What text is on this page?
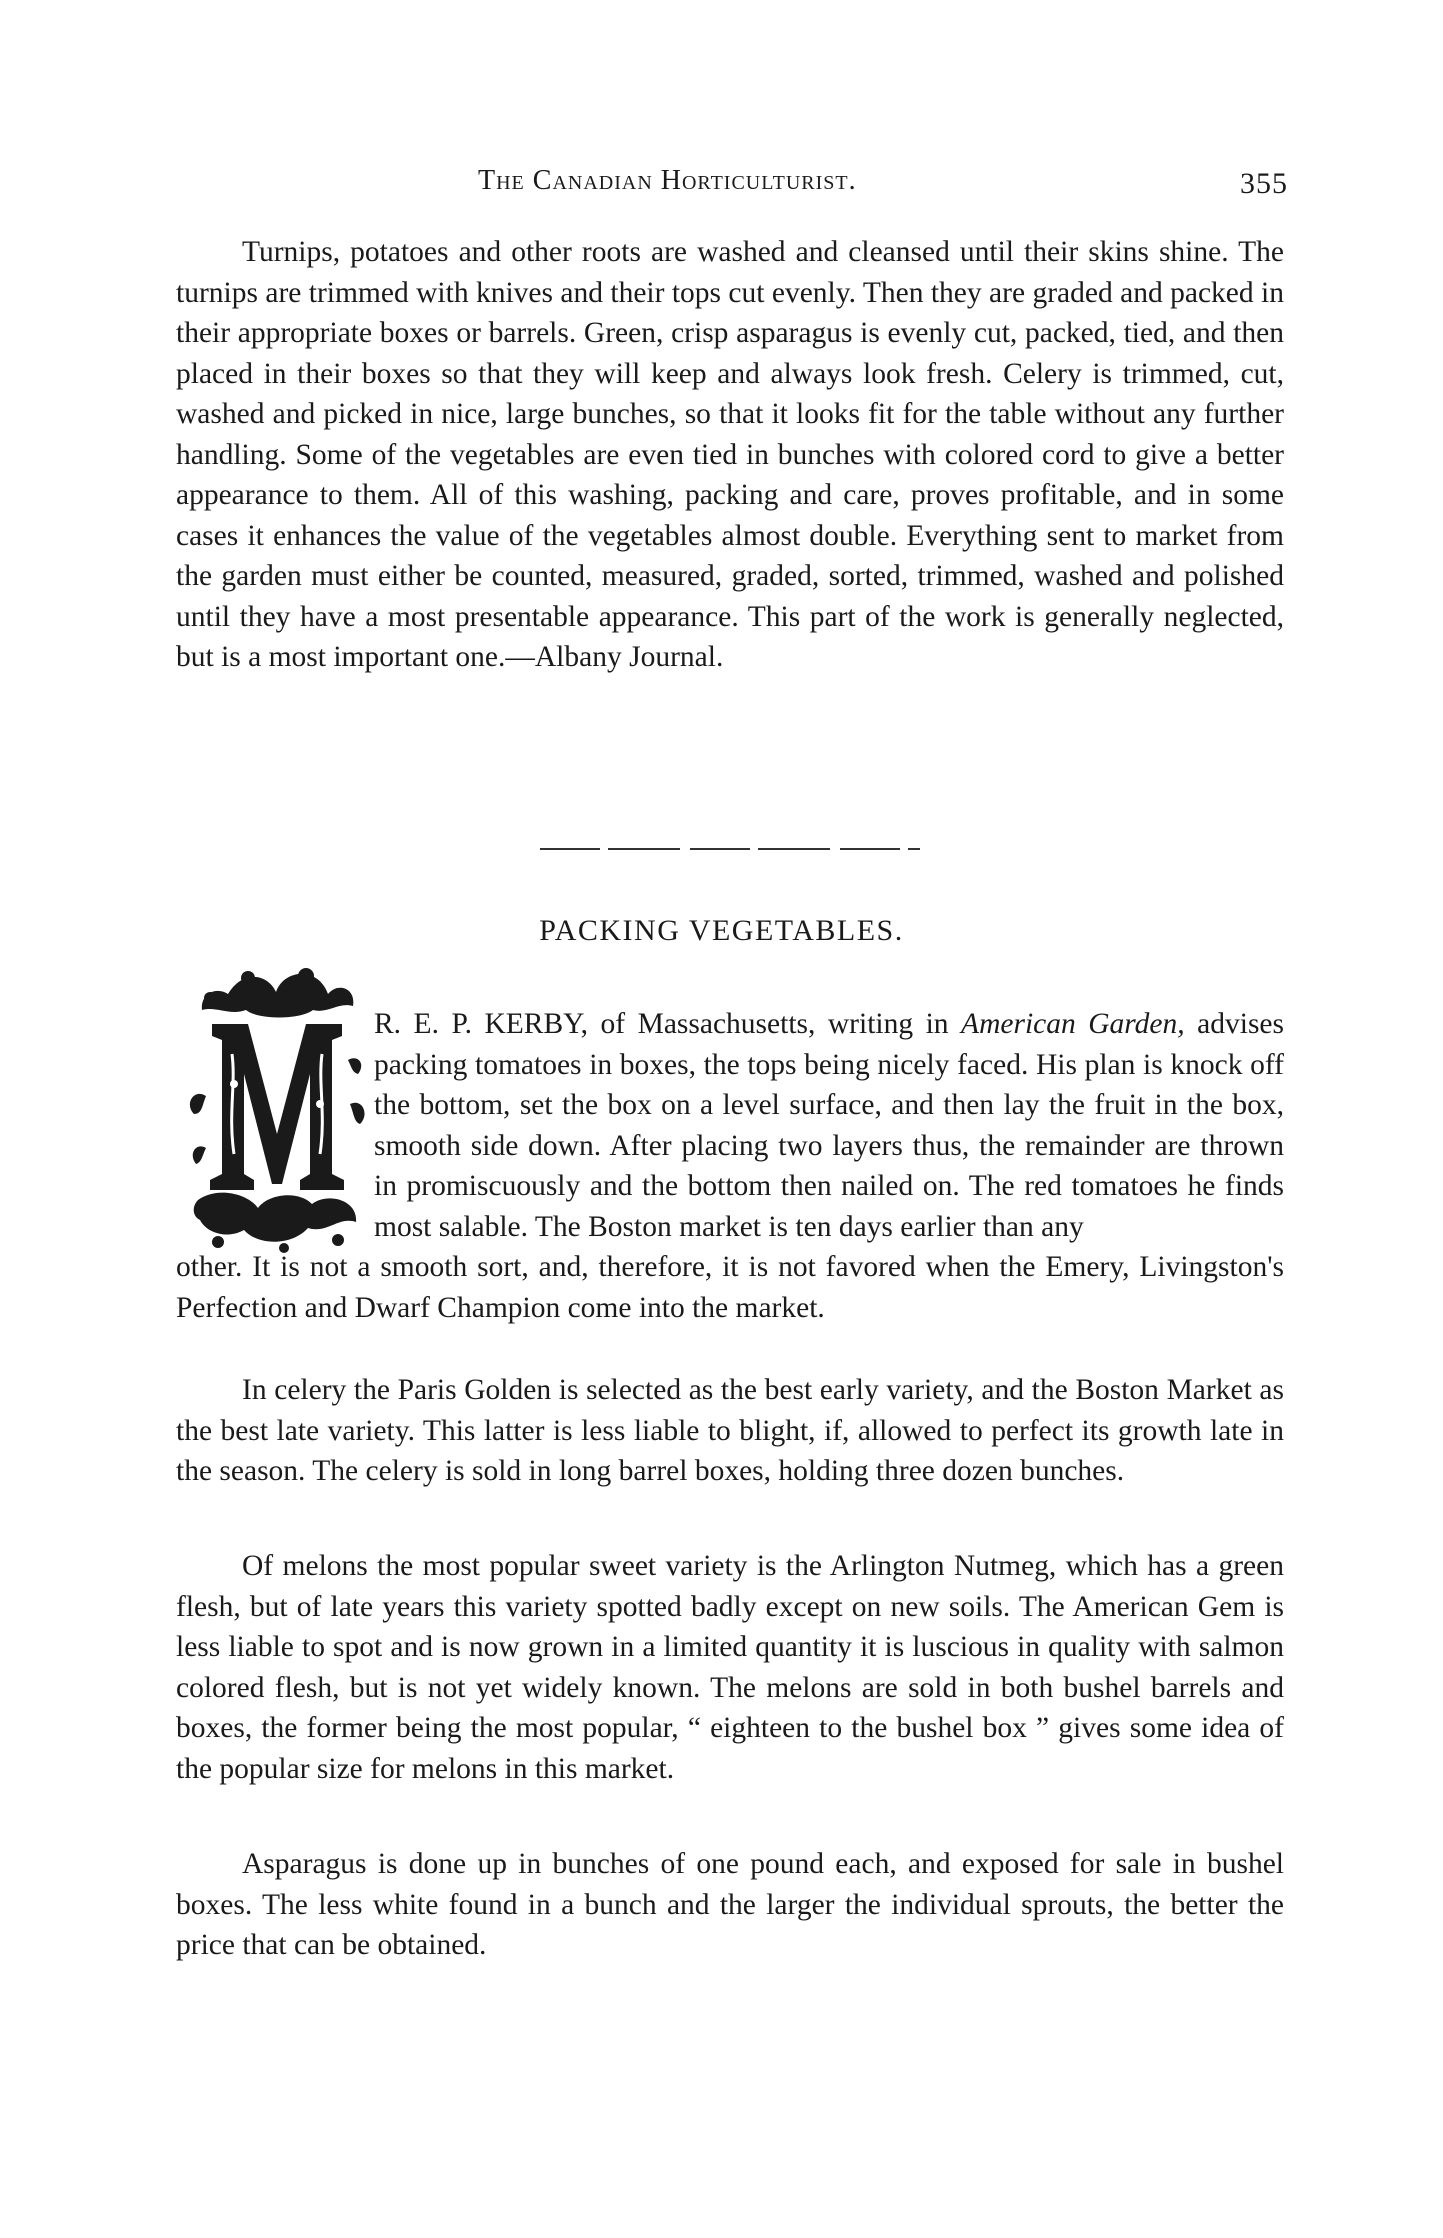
The Canadian Horticulturist.	355

Turnips, potatoes and other roots are washed and cleansed until their skins shine. The turnips are trimmed with knives and their tops cut evenly. Then they are graded and packed in their appropriate boxes or barrels. Green, crisp asparagus is evenly cut, packed, tied, and then placed in their boxes so that they will keep and always look fresh. Celery is trimmed, cut, washed and picked in nice, large bunches, so that it looks fit for the table without any further handling. Some of the vegetables are even tied in bunches with colored cord to give a better appearance to them. All of this washing, packing and care, proves profitable, and in some cases it enhances the value of the vegetables almost double. Everything sent to market from the garden must either be counted, measured, graded, sorted, trimmed, washed and polished until they have a most presentable appearance. This part of the work is generally neglected, but is a most important one.—Albany Journal.

PACKING VEGETABLES.

R. E. P. KERBY, of Massachusetts, writing in American Garden, advises packing tomatoes in boxes, the tops being nicely faced. His plan is knock off the bottom, set the box on a level surface, and then lay the fruit in the box, smooth side down. After placing two layers thus, the remainder are thrown in promiscuously and the bottom then nailed on. The red tomatoes he finds most salable. The Boston market is ten days earlier than any

other. It is not a smooth sort, and, therefore, it is not favored when the Emery, Livingston's Perfection and Dwarf Champion come into the market.

In celery the Paris Golden is selected as the best early variety, and the Boston Market as the best late variety. This latter is less liable to blight, if, allowed to perfect its growth late in the season. The celery is sold in long barrel boxes, holding three dozen bunches.

Of melons the most popular sweet variety is the Arlington Nutmeg, which has a green flesh, but of late years this variety spotted badly except on new soils. The American Gem is less liable to spot and is now grown in a limited quantity it is luscious in quality with salmon colored flesh, but is not yet widely known. The melons are sold in both bushel barrels and boxes, the former being the most popular, “ eighteen to the bushel box ” gives some idea of the popular size for melons in this market.

Asparagus is done up in bunches of one pound each, and exposed for sale in bushel boxes. The less white found in a bunch and the larger the individual sprouts, the better the price that can be obtained.
